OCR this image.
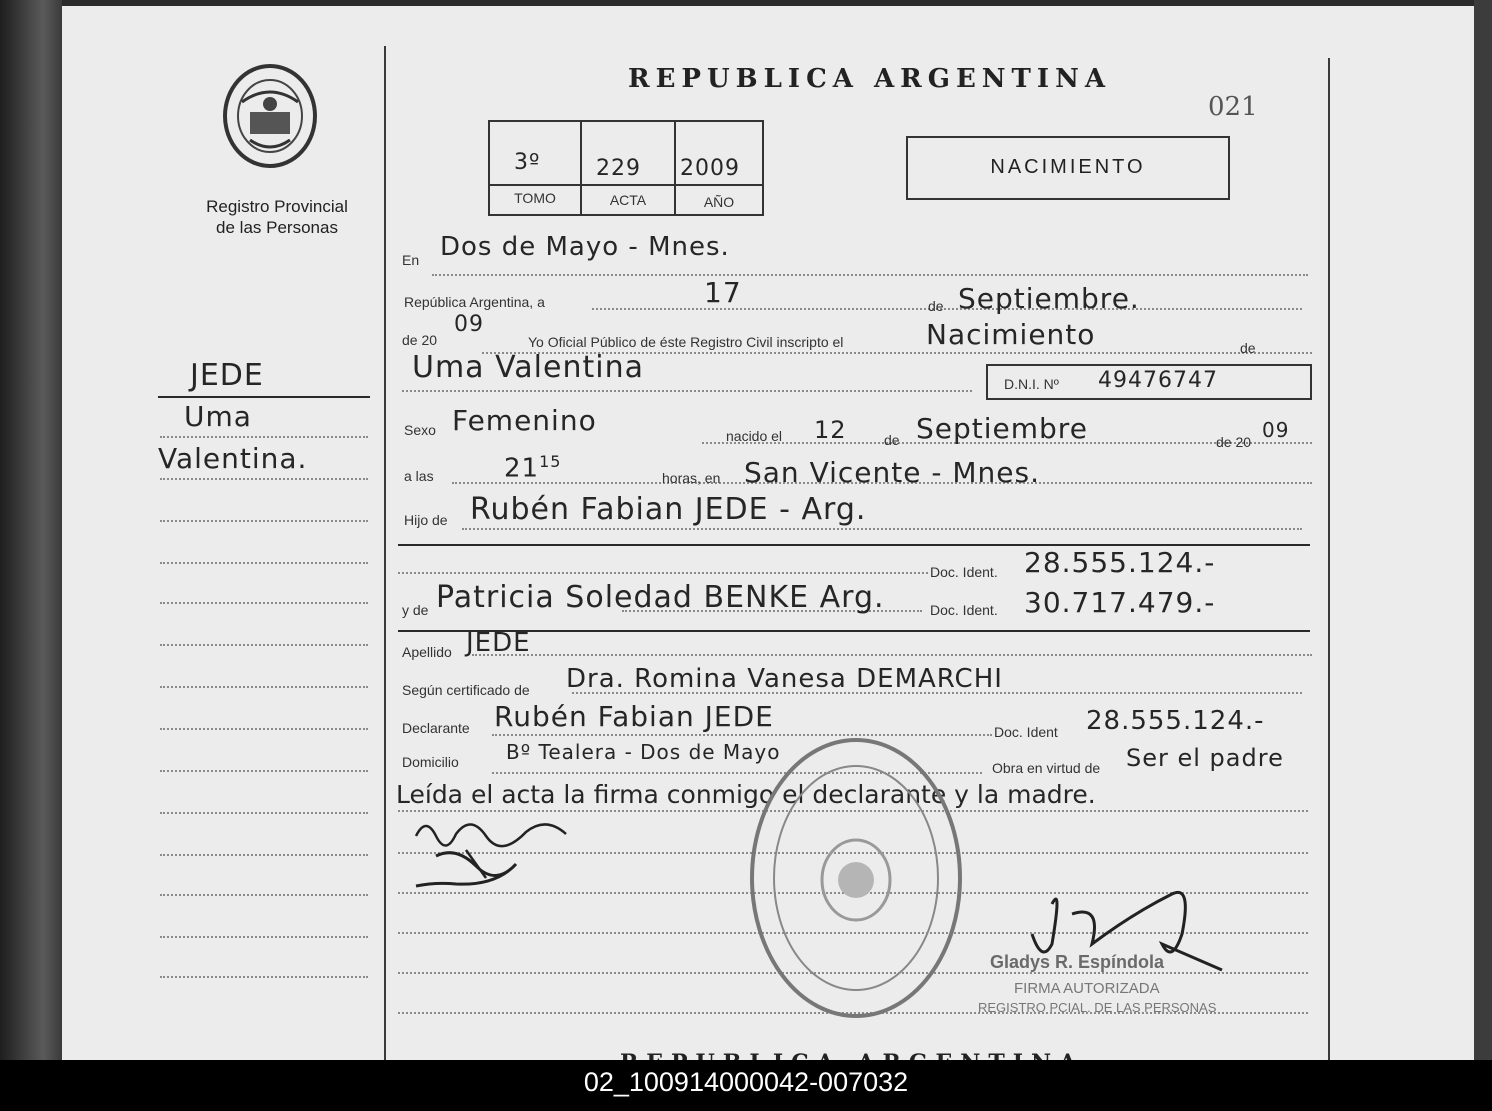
Registro Provincial
de las Personas
JEDE
Uma
Valentina.
REPUBLICA ARGENTINA
021
3º	229 2009
TOMO	ACTA	AÑO
NACIMIENTO
En Dos de Mayo - Mnes.
República Argentina, a	17	de Septiembre.
de 20
09
Yo Oficial Público de éste Registro Civil inscripto el	Nacimiento	de
Uma Valentina	D.N.I. Nº 49476747
Sexo Femenino	nacido el 12	de Septiembre	de 20 09
a las	$21^{15}$
horas, en San Vicente - Mnes.
Hijo de Rubén Fabian JEDE - Arg.
Doc. Ident. 28.555.124.-
y de Patricia Soledad BENKE Arg.	Doc. Ident. 30.717.479.-
Apellido JEDE
Según certificado de Dra. Romina Vanesa DEMARCHI
Declarante Rubén Fabian JEDE	Doc. Ident 28.555.124.-
Domicilio Bº Tealera - Dos de Mayo
Obra en virtud de Ser el padre
Leída el acta la firma conmigo el declarante y la madre.
Gladys R. Espíndola
FIRMA AUTORIZADA
REGISTRO PCIAL. DE LAS PERSONAS
02_100914000042-007032
